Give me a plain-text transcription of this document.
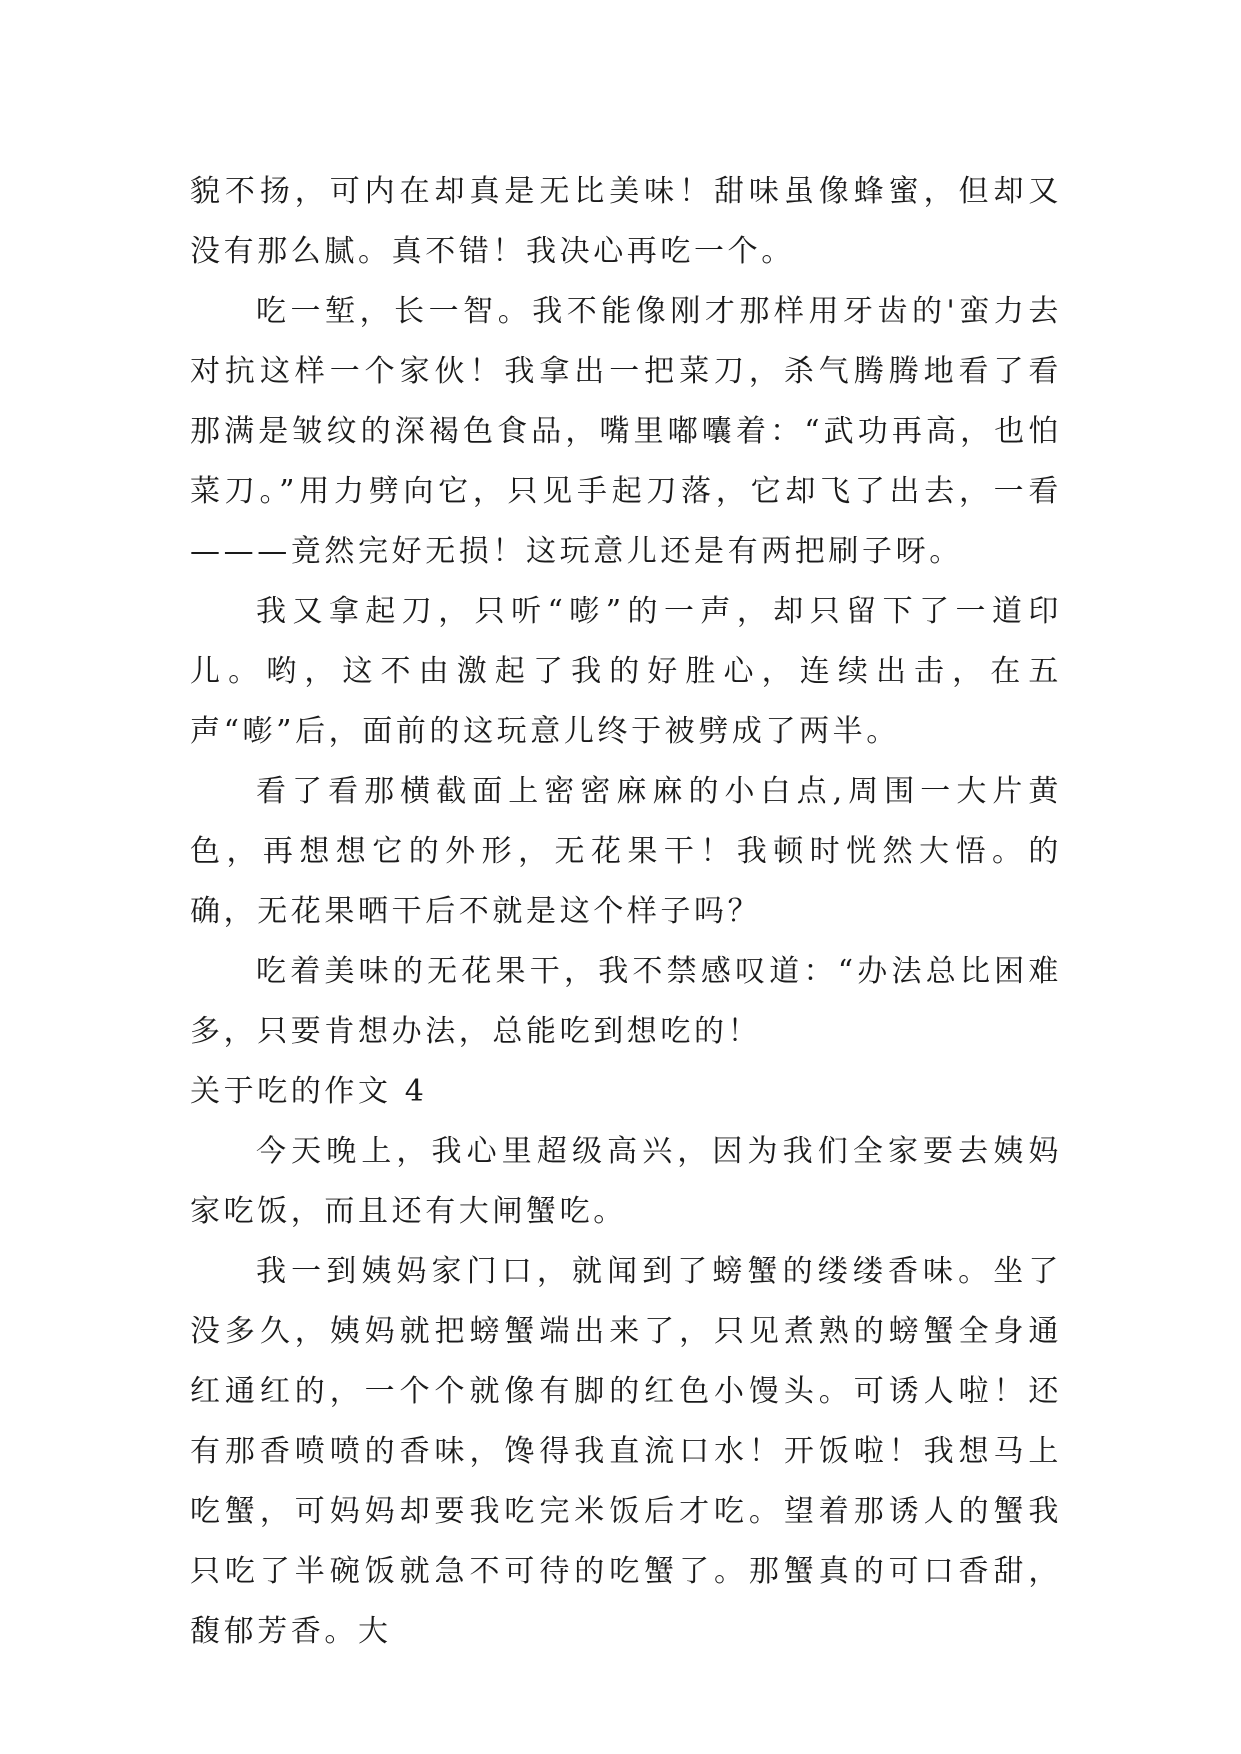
貌不扬，可内在却真是无比美味！甜味虽像蜂蜜，但却又没有那么腻。真不错！我决心再吃一个。

吃一堑，长一智。我不能像刚才那样用牙齿的'蛮力去对抗这样一个家伙！我拿出一把菜刀，杀气腾腾地看了看那满是皱纹的深褐色食品，嘴里嘟囔着：“武功再高，也怕菜刀。”用力劈向它，只见手起刀落，它却飞了出去，一看———竟然完好无损！这玩意儿还是有两把刷子呀。

我又拿起刀，只听“嘭”的一声，却只留下了一道印儿。哟，这不由激起了我的好胜心，连续出击，在五声“嘭”后，面前的这玩意儿终于被劈成了两半。

看了看那横截面上密密麻麻的小白点,周围一大片黄色，再想想它的外形，无花果干！我顿时恍然大悟。的确，无花果晒干后不就是这个样子吗？

吃着美味的无花果干，我不禁感叹道：“办法总比困难多，只要肯想办法，总能吃到想吃的！

关于吃的作文 4

今天晚上，我心里超级高兴，因为我们全家要去姨妈家吃饭，而且还有大闸蟹吃。

我一到姨妈家门口，就闻到了螃蟹的缕缕香味。坐了没多久，姨妈就把螃蟹端出来了，只见煮熟的螃蟹全身通红通红的，一个个就像有脚的红色小馒头。可诱人啦！还有那香喷喷的香味，馋得我直流口水！开饭啦！我想马上吃蟹，可妈妈却要我吃完米饭后才吃。望着那诱人的蟹我只吃了半碗饭就急不可待的吃蟹了。那蟹真的可口香甜，馥郁芳香。大
